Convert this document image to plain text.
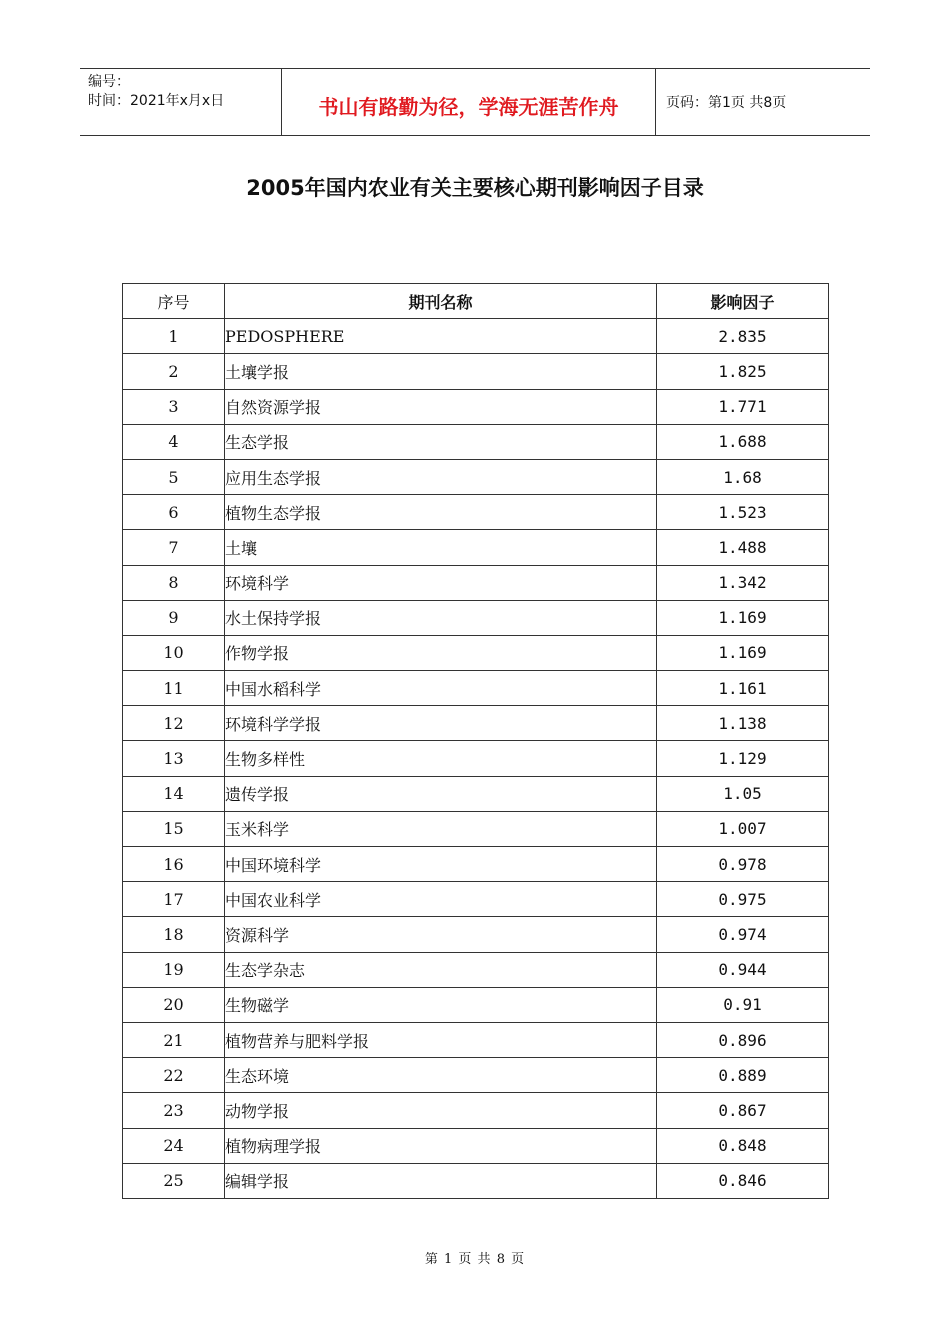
编号：
时间：2021年x月x日	书山有路勤为径，学海无涯苦作舟	页码：第1页 共8页
2005年国内农业有关主要核心期刊影响因子目录
序号	期刊名称	影响因子
1	PEDOSPHERE	2.835
2	土壤学报	1.825
3	自然资源学报	1.771
4	生态学报	1.688
5	应用生态学报	1.68
6	植物生态学报	1.523
7	土壤	1.488
8	环境科学	1.342
9	水土保持学报	1.169
10	作物学报	1.169
11	中国水稻科学	1.161
12	环境科学学报	1.138
13	生物多样性	1.129
14	遗传学报	1.05
15	玉米科学	1.007
16	中国环境科学	0.978
17	中国农业科学	0.975
18	资源科学	0.974
19	生态学杂志	0.944
20	生物磁学	0.91
21	植物营养与肥料学报	0.896
22	生态环境	0.889
23	动物学报	0.867
24	植物病理学报	0.848
25	编辑学报	0.846
第 1 页 共 8 页
